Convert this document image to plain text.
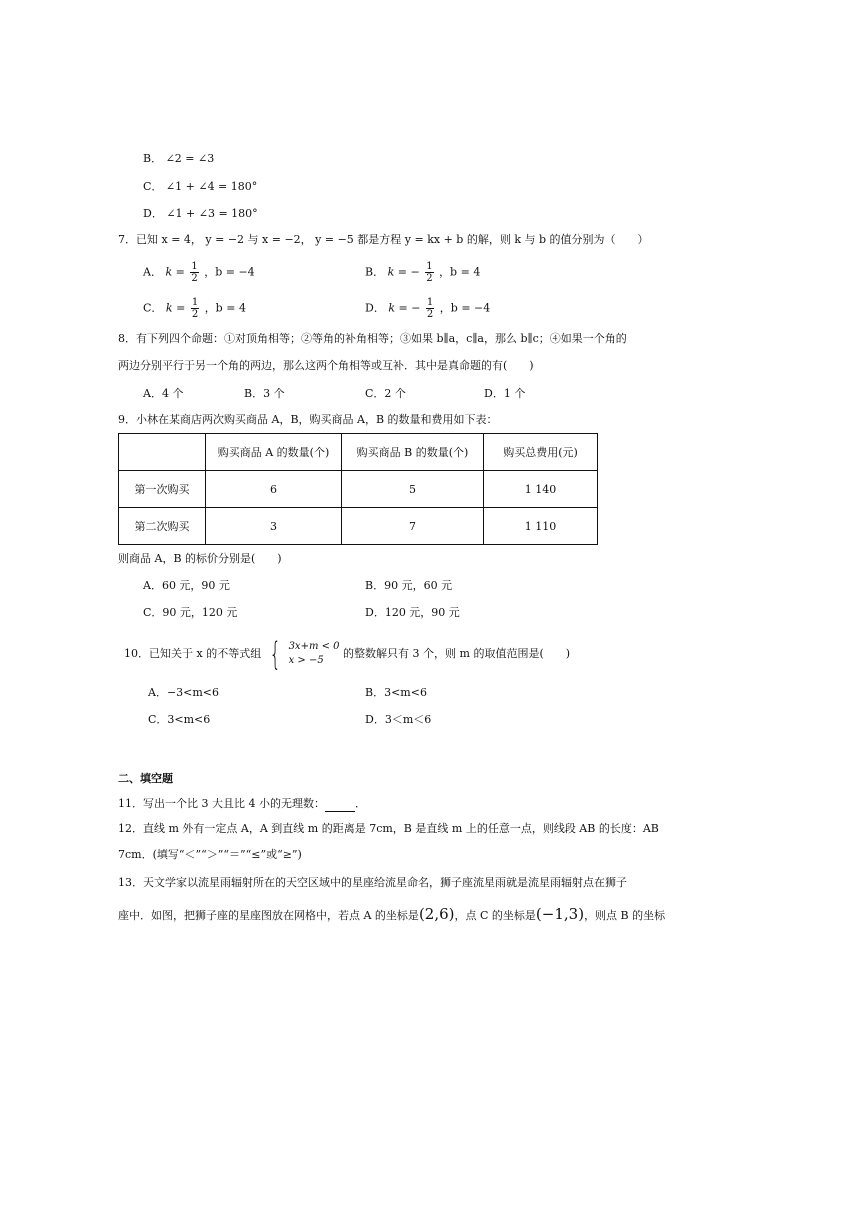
B． ∠2 = ∠3
C． ∠1 + ∠4 = 180°
D． ∠1 + ∠3 = 180°
7．已知 x = 4， y = −2 与 x = −2， y = −5 都是方程 y = kx + b 的解，则 k 与 b 的值分别为（　　）
A． $k = \frac{1}{2}$ ，b = −4	B． k = − $\frac{1}{2}$ ，b = 4
C． $k = \frac{1}{2}$ ，b = 4	D． k = − $\frac{1}{2}$ ，b = −4
8．有下列四个命题：①对顶角相等；②等角的补角相等；③如果 b∥a，c∥a，那么 b∥c；④如果一个角的
两边分别平行于另一个角的两边，那么这两个角相等或互补．其中是真命题的有(　　)
A．4 个	B．3 个	C．2 个	D．1 个
9．小林在某商店两次购买商品 A，B，购买商品 A，B 的数量和费用如下表：
	购买商品 A 的数量(个)	购买商品 B 的数量(个)	购买总费用(元)
第一次购买	6	5	1 140
第二次购买	3	7	1 110
则商品 A，B 的标价分别是(　　)
A．60 元，90 元	B．90 元，60 元
C．90 元，120 元	D．120 元，90 元
10．已知关于 x 的不等式组 { 3x+m < 0
x > −5
的整数解只有 3 个，则 m 的取值范围是(　　)
A．−3<m<6	B．3<m<6
C．3<m<6	D．3＜m＜6
二、填空题
11．写出一个比 3 大且比 4 小的无理数：	．
12．直线 m 外有一定点 A，A 到直线 m 的距离是 7cm，B 是直线 m 上的任意一点，则线段 AB 的长度：AB
7cm．(填写“＜”“＞”“＝”“≤”或“≥”)
13．天文学家以流星雨辐射所在的天空区域中的星座给流星命名，狮子座流星雨就是流星雨辐射点在狮子
座中．如图，把狮子座的星座图放在网格中，若点 A 的坐标是(2,6)，点 C 的坐标是(−1,3)，则点 B 的坐标
